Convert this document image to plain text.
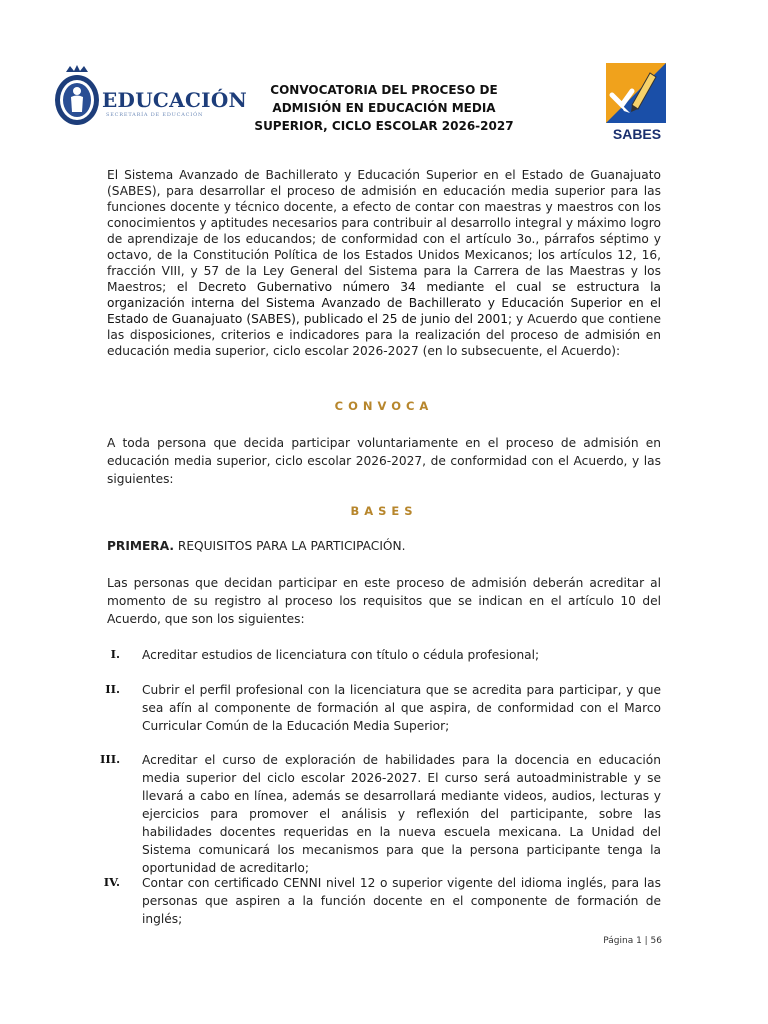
EDUCACIÓN
SECRETARÍA DE EDUCACIÓN
CONVOCATORIA DEL PROCESO DE
ADMISIÓN EN EDUCACIÓN MEDIA
SUPERIOR, CICLO ESCOLAR 2026-2027	SABES
El Sistema Avanzado de Bachillerato y Educación Superior en el Estado de Guanajuato (SABES), para desarrollar el proceso de admisión en educación media superior para las funciones docente y técnico docente, a efecto de contar con maestras y maestros con los conocimientos y aptitudes necesarios para contribuir al desarrollo integral y máximo logro de aprendizaje de los educandos; de conformidad con el artículo 3o., párrafos séptimo y octavo, de la Constitución Política de los Estados Unidos Mexicanos; los artículos 12, 16, fracción VIII, y 57 de la Ley General del Sistema para la Carrera de las Maestras y los Maestros; el Decreto Gubernativo número 34 mediante el cual se estructura la organización interna del Sistema Avanzado de Bachillerato y Educación Superior en el Estado de Guanajuato (SABES), publicado el 25 de junio del 2001; y Acuerdo que contiene las disposiciones, criterios e indicadores para la realización del proceso de admisión en educación media superior, ciclo escolar 2026-2027 (en lo subsecuente, el Acuerdo):
CONVOCA
A toda persona que decida participar voluntariamente en el proceso de admisión en educación media superior, ciclo escolar 2026-2027, de conformidad con el Acuerdo, y las siguientes:
BASES
PRIMERA. REQUISITOS PARA LA PARTICIPACIÓN.
Las personas que decidan participar en este proceso de admisión deberán acreditar al momento de su registro al proceso los requisitos que se indican en el artículo 10 del Acuerdo, que son los siguientes:
I. Acreditar estudios de licenciatura con título o cédula profesional;
II. Cubrir el perfil profesional con la licenciatura que se acredita para participar, y que sea afín al componente de formación al que aspira, de conformidad con el Marco Curricular Común de la Educación Media Superior;
III. Acreditar el curso de exploración de habilidades para la docencia en educación media superior del ciclo escolar 2026-2027. El curso será autoadministrable y se llevará a cabo en línea, además se desarrollará mediante videos, audios, lecturas y ejercicios para promover el análisis y reflexión del participante, sobre las habilidades docentes requeridas en la nueva escuela mexicana. La Unidad del Sistema comunicará los mecanismos para que la persona participante tenga la oportunidad de acreditarlo;
IV. Contar con certificado CENNI nivel 12 o superior vigente del idioma inglés, para las personas que aspiren a la función docente en el componente de formación de inglés;
Página 1 | 56
